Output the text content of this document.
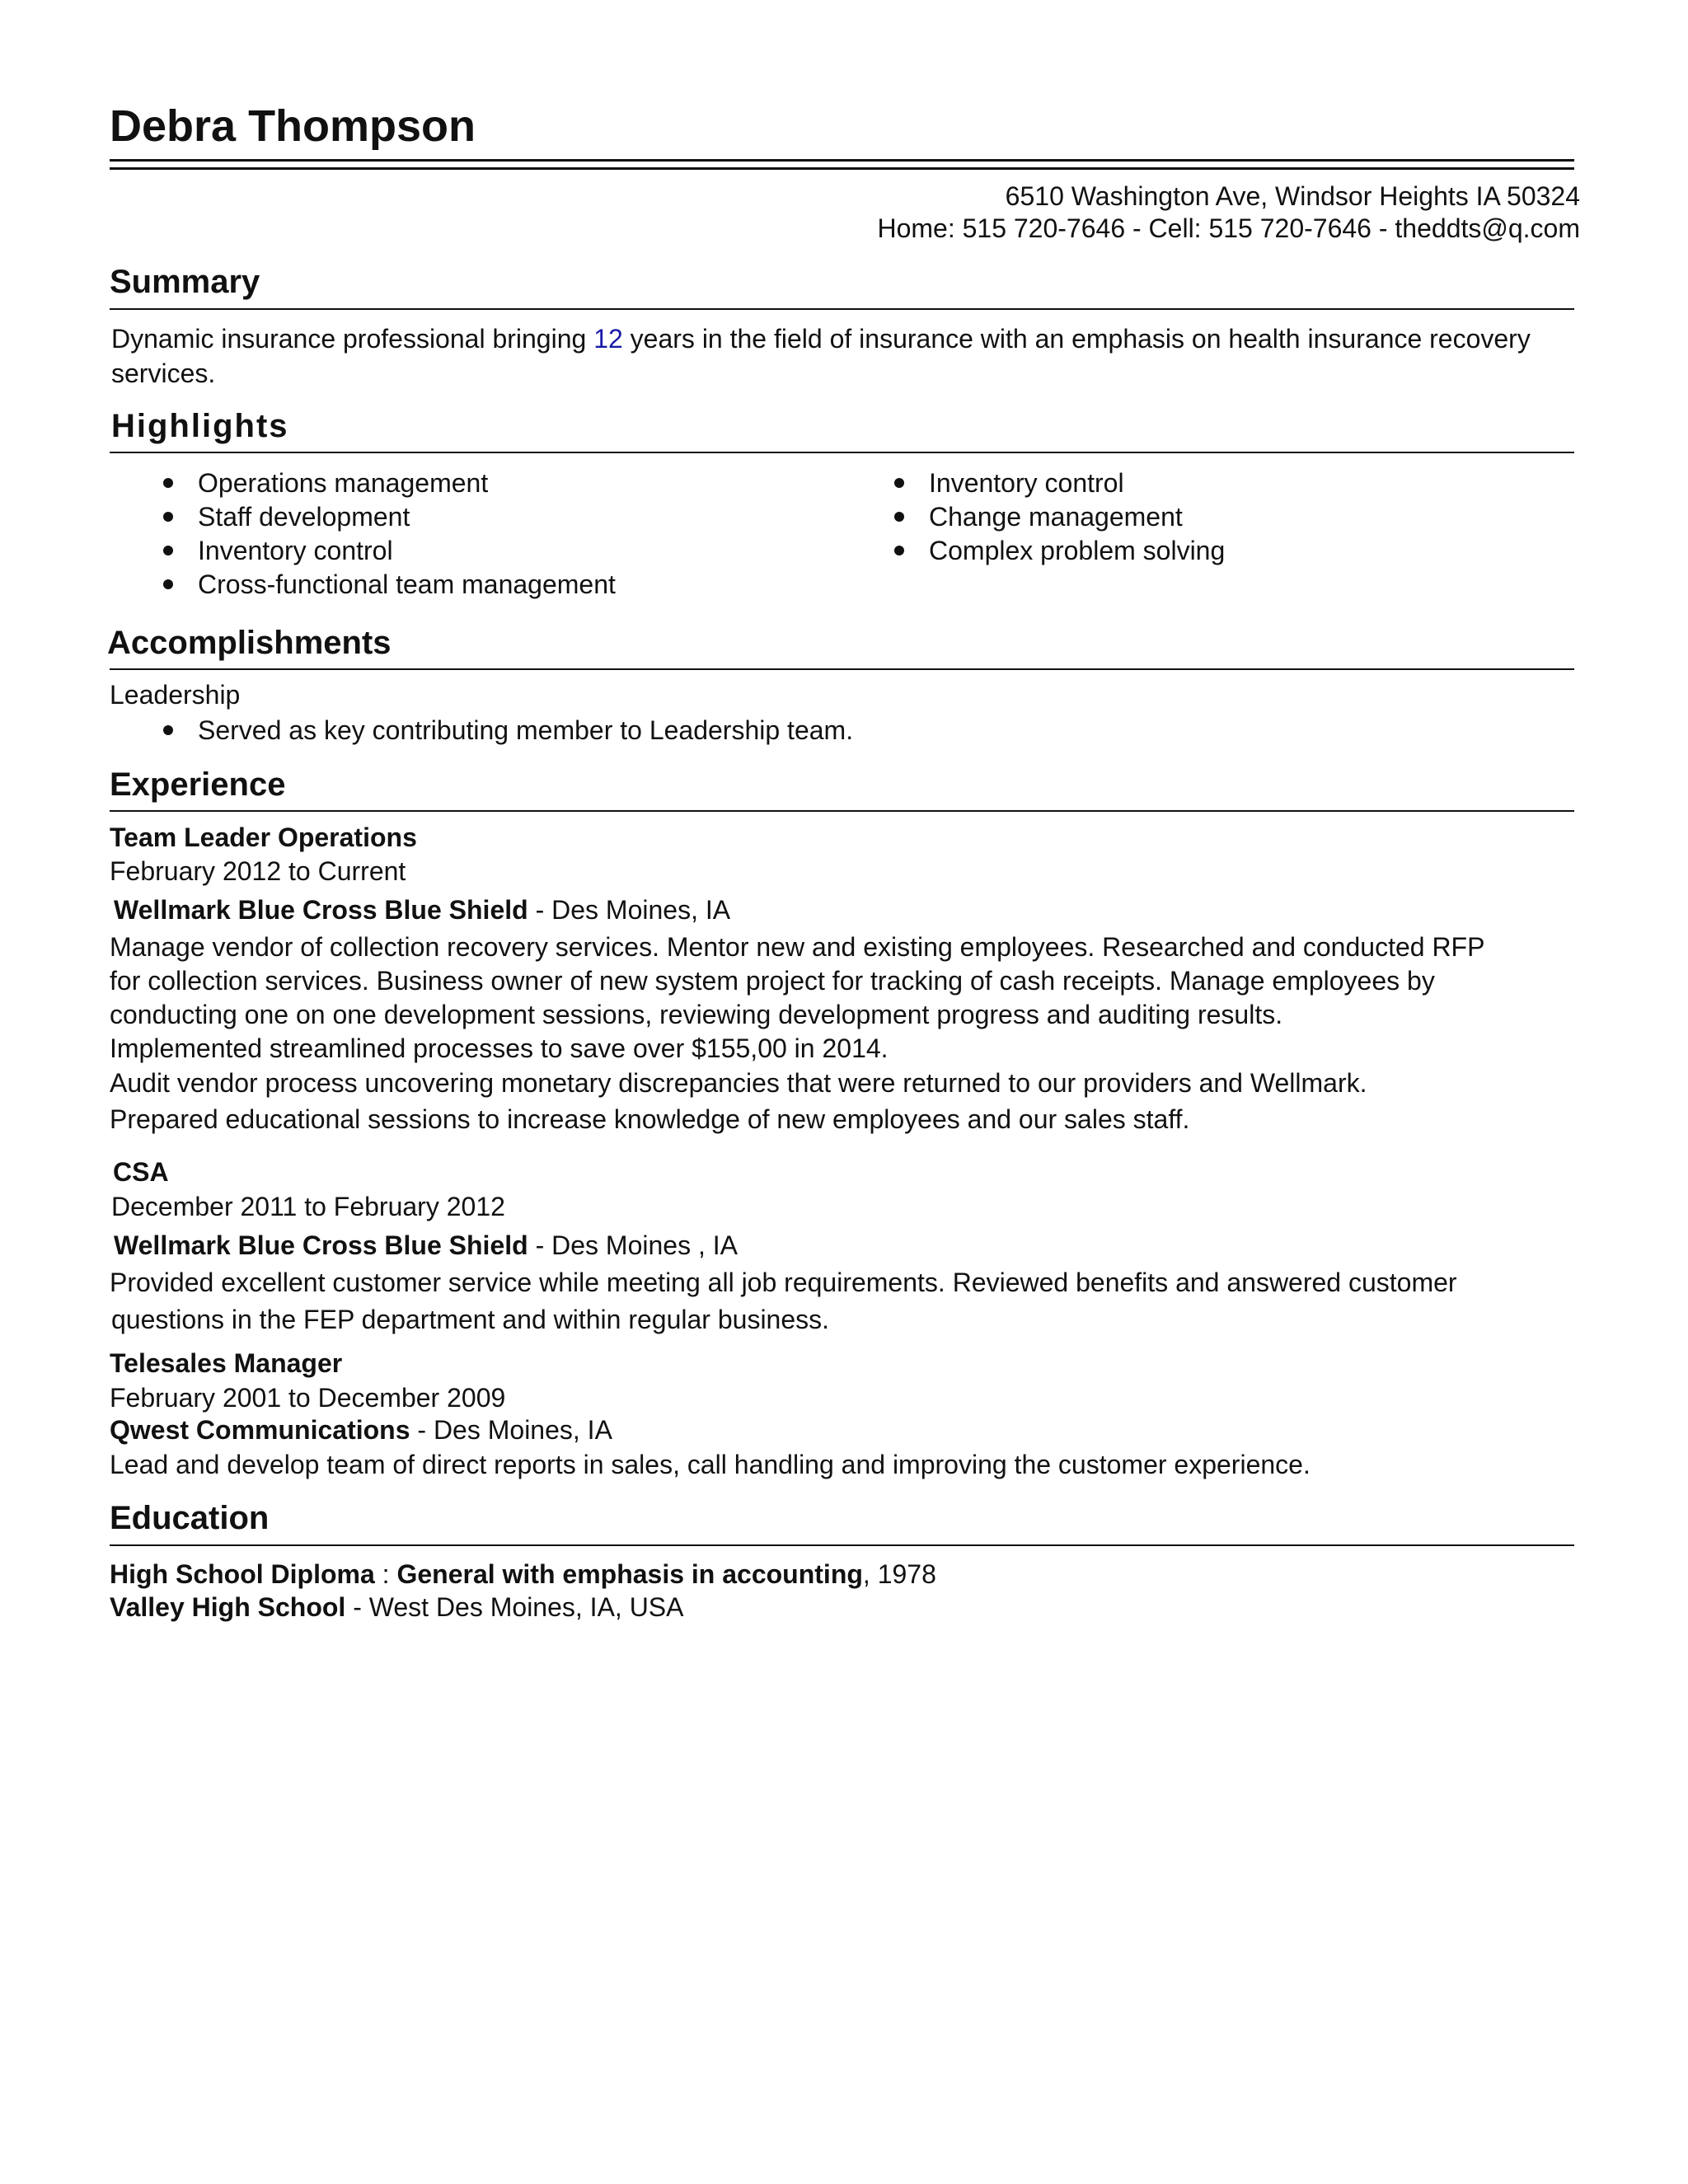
Debra Thompson
6510 Washington Ave, Windsor Heights IA 50324
Home: 515 720-7646 - Cell: 515 720-7646 - theddts@q.com
Summary
Dynamic insurance professional bringing 12 years in the field of insurance with an emphasis on health insurance recovery services.
Highlights
Operations management
Staff development
Inventory control
Cross-functional team management
Inventory control
Change management
Complex problem solving
Accomplishments
Leadership
Served as key contributing member to Leadership team.
Experience
Team Leader Operations
February 2012 to Current
Wellmark Blue Cross Blue Shield - Des Moines, IA
Manage vendor of collection recovery services. Mentor new and existing employees. Researched and conducted RFP
for collection services. Business owner of new system project for tracking of cash receipts. Manage employees by
conducting one on one development sessions, reviewing development progress and auditing results.
Implemented streamlined processes to save over $155,00 in 2014.
Audit vendor process uncovering monetary discrepancies that were returned to our providers and Wellmark.
Prepared educational sessions to increase knowledge of new employees and our sales staff.
CSA
December 2011 to February 2012
Wellmark Blue Cross Blue Shield - Des Moines , IA
Provided excellent customer service while meeting all job requirements. Reviewed benefits and answered customer
questions in the FEP department and within regular business.
Telesales Manager
February 2001 to December 2009
Qwest Communications - Des Moines, IA
Lead and develop team of direct reports in sales, call handling and improving the customer experience.
Education
High School Diploma : General with emphasis in accounting, 1978
Valley High School - West Des Moines, IA, USA
